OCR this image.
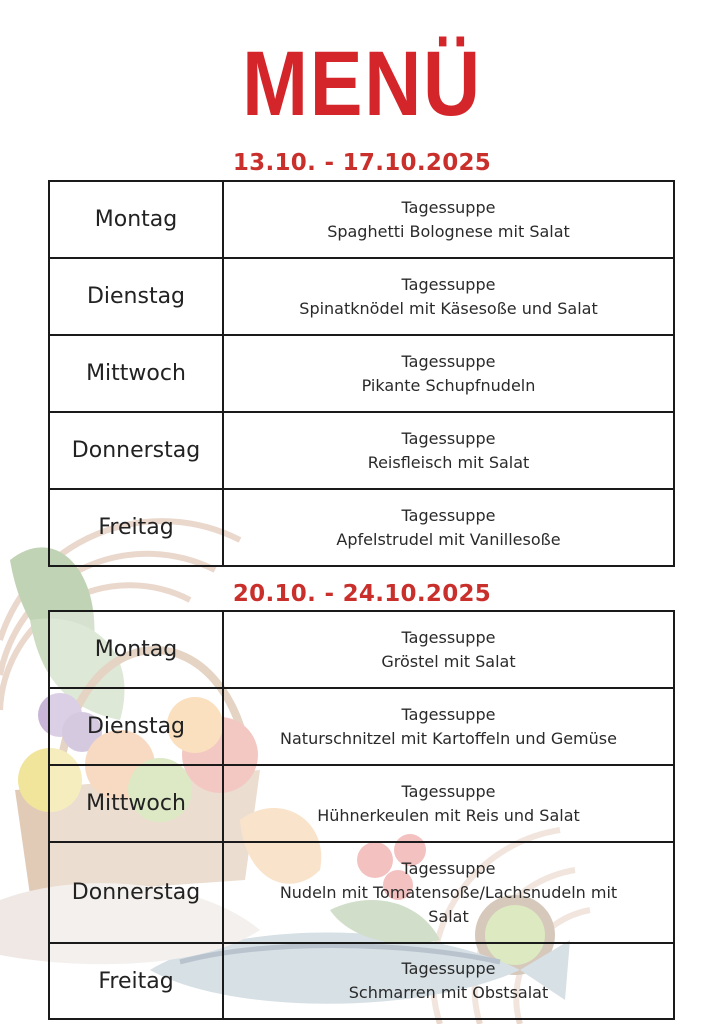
MENÜ
13.10. - 17.10.2025
Montag	Tagessuppe
Spaghetti Bolognese mit Salat

Dienstag	Tagessuppe
Spinatknödel mit Käsesoße und Salat

Mittwoch	Tagessuppe
Pikante Schupfnudeln

Donnerstag	Tagessuppe
Reisfleisch mit Salat

Freitag	Tagessuppe
Apfelstrudel mit Vanillesoße
20.10. - 24.10.2025
Montag	Tagessuppe
Gröstel mit Salat

Dienstag	Tagessuppe
Naturschnitzel mit Kartoffeln und Gemüse

Mittwoch	Tagessuppe
Hühnerkeulen mit Reis und Salat

Donnerstag	Tagessuppe
Nudeln mit Tomatensoße/Lachsnudeln mit
Salat

Freitag	Tagessuppe
Schmarren mit Obstsalat
